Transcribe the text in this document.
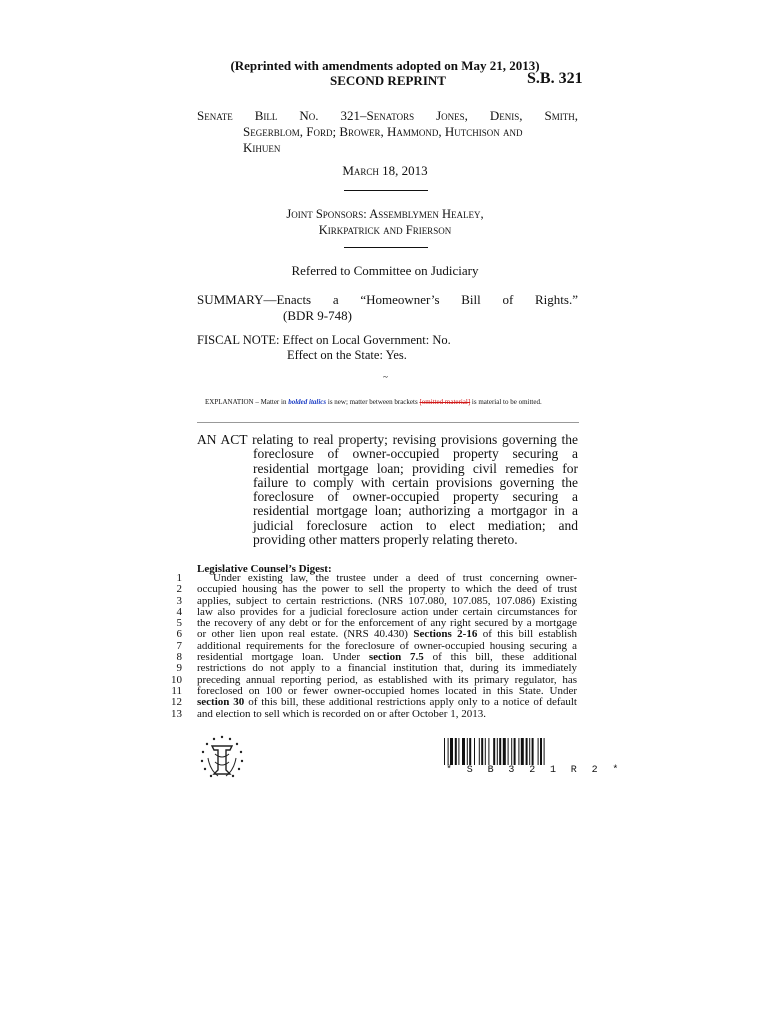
(Reprinted with amendments adopted on May 21, 2013)
SECOND REPRINT	S.B. 321
Senate Bill No. 321–Senators Jones, Denis, Smith,
Segerblom, Ford; Brower, Hammond, Hutchison and
Kihuen
March 18, 2013
Joint Sponsors: Assemblymen Healey,
Kirkpatrick and Frierson
Referred to Committee on Judiciary
SUMMARY—Enacts a “Homeowner’s Bill of Rights.”
(BDR 9-748)
FISCAL NOTE: Effect on Local Government: No.
Effect on the State: Yes.
~
EXPLANATION – Matter in bolded italics is new; matter between brackets [omitted material] is material to be omitted.
AN ACT relating to real property; revising provisions governing the
foreclosure of owner-occupied property securing a
residential mortgage loan; providing civil remedies for
failure to comply with certain provisions governing the
foreclosure of owner-occupied property securing a
residential mortgage loan; authorizing a mortgagor in a
judicial foreclosure action to elect mediation; and
providing other matters properly relating thereto.
Legislative Counsel’s Digest:
1
2
3
4
5
6
7
8
9
10
11
12
13
Under existing law, the trustee under a deed of trust concerning owner-
occupied housing has the power to sell the property to which the deed of trust
applies, subject to certain restrictions. (NRS 107.080, 107.085, 107.086) Existing
law also provides for a judicial foreclosure action under certain circumstances for
the recovery of any debt or for the enforcement of any right secured by a mortgage
or other lien upon real estate. (NRS 40.430) Sections 2-16 of this bill establish
additional requirements for the foreclosure of owner-occupied housing securing a
residential mortgage loan. Under section 7.5 of this bill, these additional
restrictions do not apply to a financial institution that, during its immediately
preceding annual reporting period, as established with its primary regulator, has
foreclosed on 100 or fewer owner-occupied homes located in this State. Under
section 30 of this bill, these additional restrictions apply only to a notice of default
and election to sell which is recorded on or after October 1, 2013.
* S B 3 2 1 R 2 *
